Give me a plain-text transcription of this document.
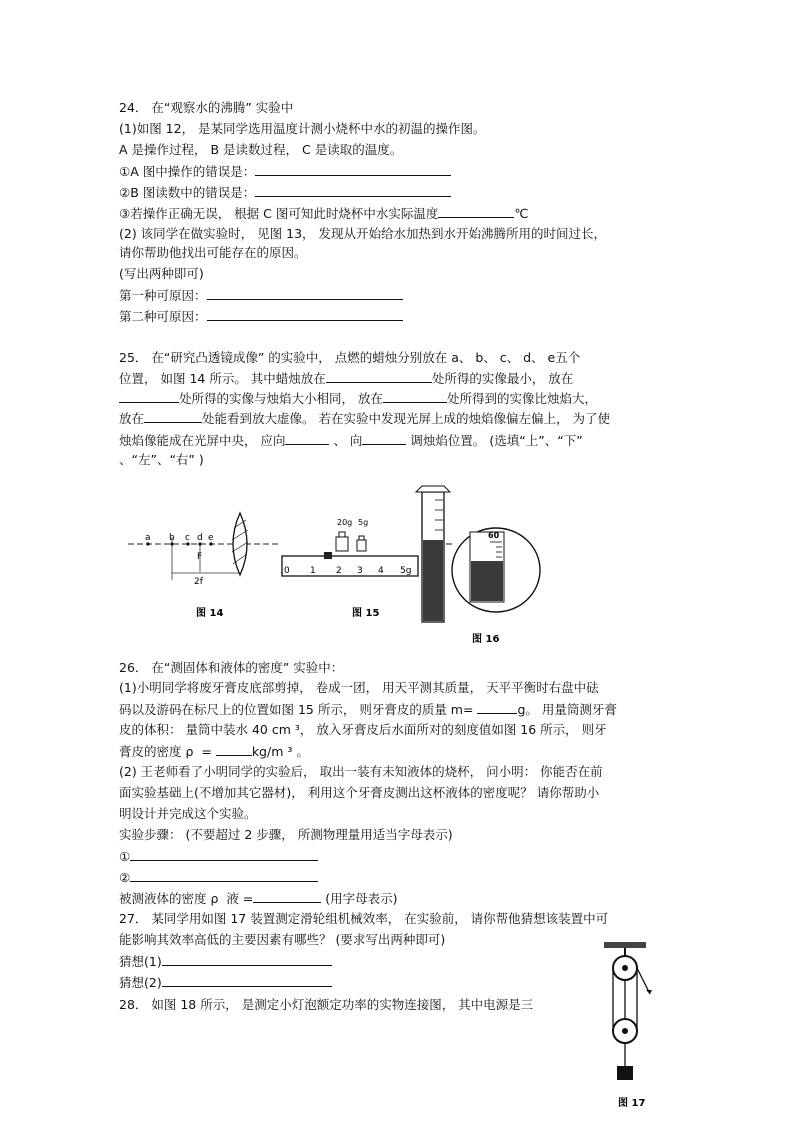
24． 在“观察水的沸腾” 实验中
(1)如图 12， 是某同学选用温度计测小烧杯中水的初温的操作图。
A 是操作过程， B 是读数过程， C 是读取的温度。
①A 图中操作的错误是：
②B 图读数中的错误是：
③若操作正确无误， 根据 C 图可知此时烧杯中水实际温度	℃
(2) 该同学在做实验时， 见图 13， 发现从开始给水加热到水开始沸腾所用的时间过长，
请你帮助他找出可能存在的原因。
(写出两种即可)
第一种可原因：
第二种可原因：
25． 在“研究凸透镜成像” 的实验中， 点燃的蜡烛分别放在 a、 b、 c、 d、 e五个
位置， 如图 14 所示。 其中蜡烛放在	处所得的实像最小， 放在
处所得的实像与烛焰大小相同， 放在	处所得到的实像比烛焰大，
放在	处能看到放大虚像。 若在实验中发现光屏上成的烛焰像偏左偏上， 为了使
烛焰像能成在光屏中央， 应向	、 向	调烛焰位置。 (选填“上”、“下”
、“左”、“右” )
a b c d e
F
2f
图 14
20g 5g
0 1 2 3 4 5g
图 15
60
图 16
26． 在“测固体和液体的密度” 实验中：
(1)小明同学将废牙膏皮底部剪掉， 卷成一团， 用天平测其质量， 天平平衡时右盘中砝
码以及游码在标尺上的位置如图 15 所示， 则牙膏皮的质量 m=	g。 用量筒测牙膏
皮的体积： 量筒中装水 40 cm ³， 放入牙膏皮后水面所对的刻度值如图 16 所示， 则牙
膏皮的密度 ρ  =	kg/m ³ 。
(2) 王老师看了小明同学的实验后， 取出一装有未知液体的烧杯， 问小明： 你能否在前
面实验基础上(不增加其它器材)， 利用这个牙膏皮测出这杯液体的密度呢？ 请你帮助小
明设计并完成这个实验。
实验步骤： (不要超过 2 步骤， 所测物理量用适当字母表示)
①
②
被测液体的密度 ρ  液 =	(用字母表示)
27． 某同学用如图 17 装置测定滑轮组机械效率， 在实验前， 请你帮他猜想该装置中可
能影响其效率高低的主要因素有哪些？ (要求写出两种即可)
猜想(1)
猜想(2)
28． 如图 18 所示， 是测定小灯泡额定功率的实物连接图， 其中电源是三
图 17
